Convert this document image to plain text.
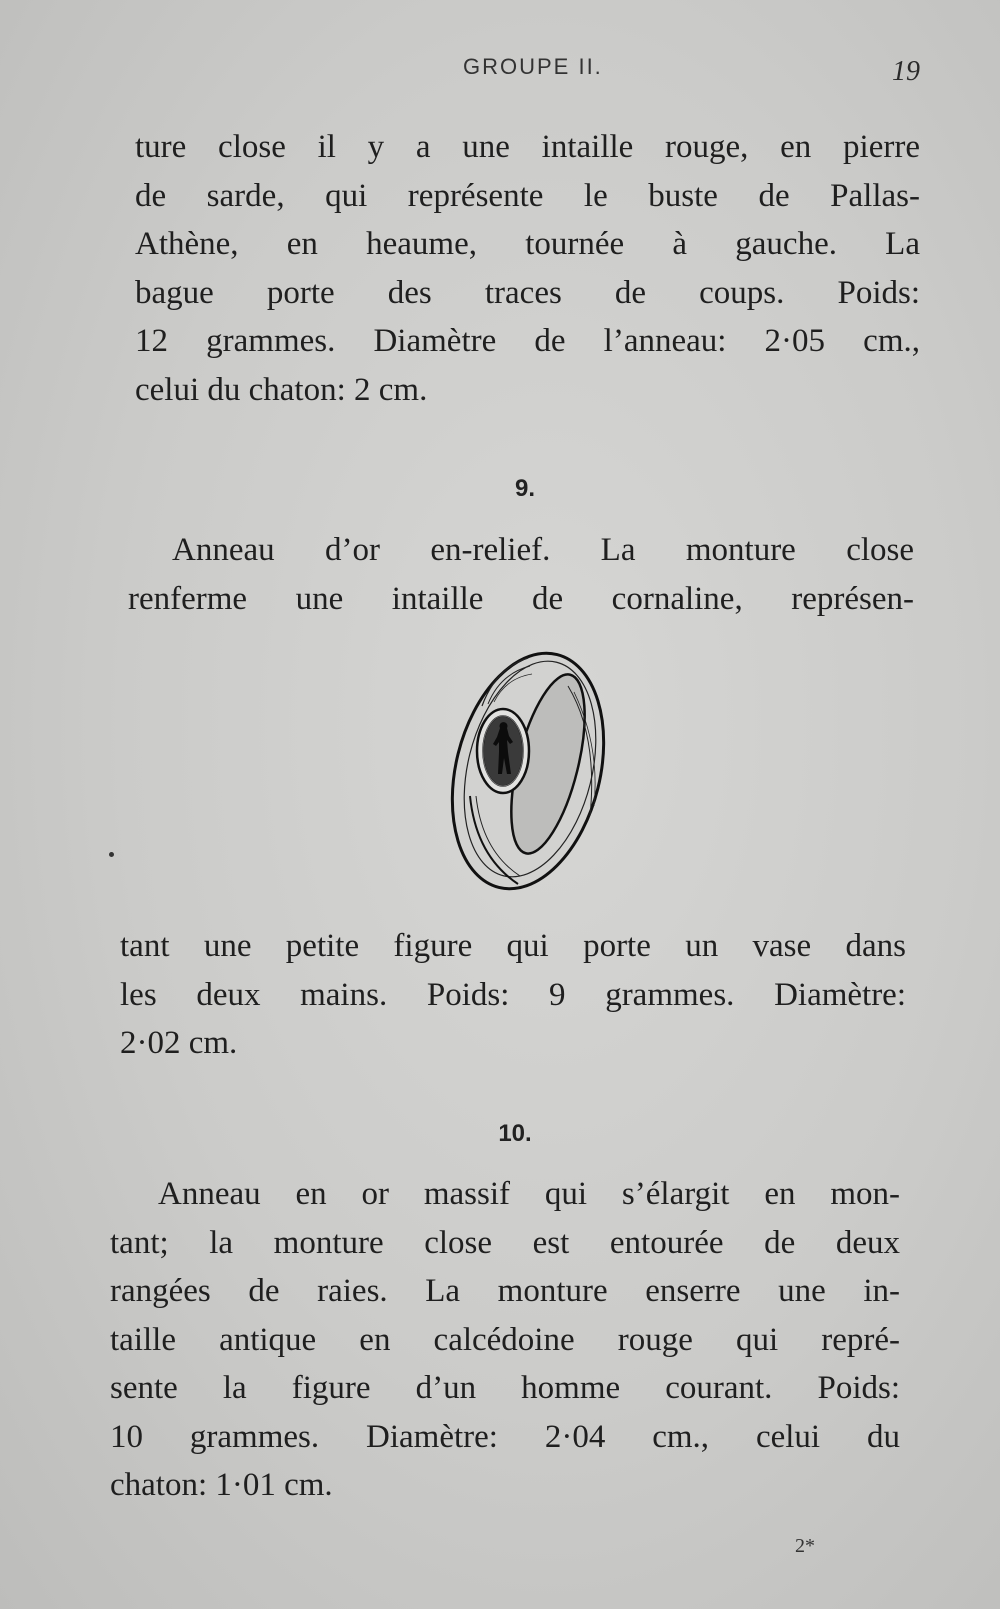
GROUPE II.	19

ture close il y a une intaille rouge, en pierre
de sarde, qui représente le buste de Pallas-
Athène, en heaume, tournée à gauche. La
bague porte des traces de coups. Poids:
12 grammes. Diamètre de l’anneau: 2·05 cm.,
celui du chaton: 2 cm.

9.

Anneau d’or en-relief. La monture close
renferme une intaille de cornaline, représen-

tant une petite figure qui porte un vase dans
les deux mains. Poids: 9 grammes. Diamètre:
2·02 cm.

10.

Anneau en or massif qui s’élargit en mon-
tant; la monture close est entourée de deux
rangées de raies. La monture enserre une in-
taille antique en calcédoine rouge qui repré-
sente la figure d’un homme courant. Poids:
10 grammes. Diamètre: 2·04 cm., celui du
chaton: 1·01 cm.

2*
